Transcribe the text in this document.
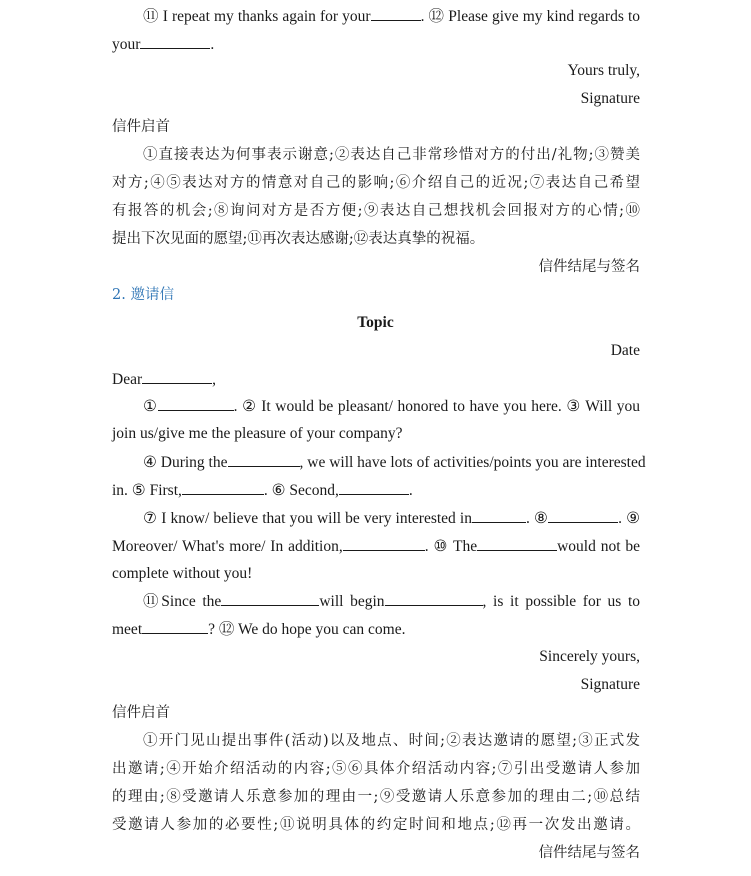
⑪ I repeat my thanks again for your	. ⑫ Please give my kind regards to
your	.
Yours truly,
Signature
信件启首
①直接表达为何事表示谢意;②表达自己非常珍惜对方的付出/礼物;③赞美
对方;④⑤表达对方的情意对自己的影响;⑥介绍自己的近况;⑦表达自己希望
有报答的机会;⑧询问对方是否方便;⑨表达自己想找机会回报对方的心情;⑩
提出下次见面的愿望;⑪再次表达感谢;⑫表达真挚的祝福。
信件结尾与签名
2. 邀请信
Topic
Date
Dear	,
①	. ② It would be pleasant/ honored to have you here. ③ Will you
join us/give me the pleasure of your company?
④ During the	, we will have lots of activities/points you are interested
in. ⑤ First,	. ⑥ Second,	.
⑦ I know/ believe that you will be very interested in	. ⑧	. ⑨
Moreover/ What's more/ In addition,	. ⑩ The	would not be
complete without you!
⑪Since the	will begin	, is it possible for us to
meet	? ⑫ We do hope you can come.
Sincerely yours,
Signature
信件启首
①开门见山提出事件(活动)以及地点、时间;②表达邀请的愿望;③正式发
出邀请;④开始介绍活动的内容;⑤⑥具体介绍活动内容;⑦引出受邀请人参加
的理由;⑧受邀请人乐意参加的理由一;⑨受邀请人乐意参加的理由二;⑩总结
受邀请人参加的必要性;⑪说明具体的约定时间和地点;⑫再一次发出邀请。
信件结尾与签名
